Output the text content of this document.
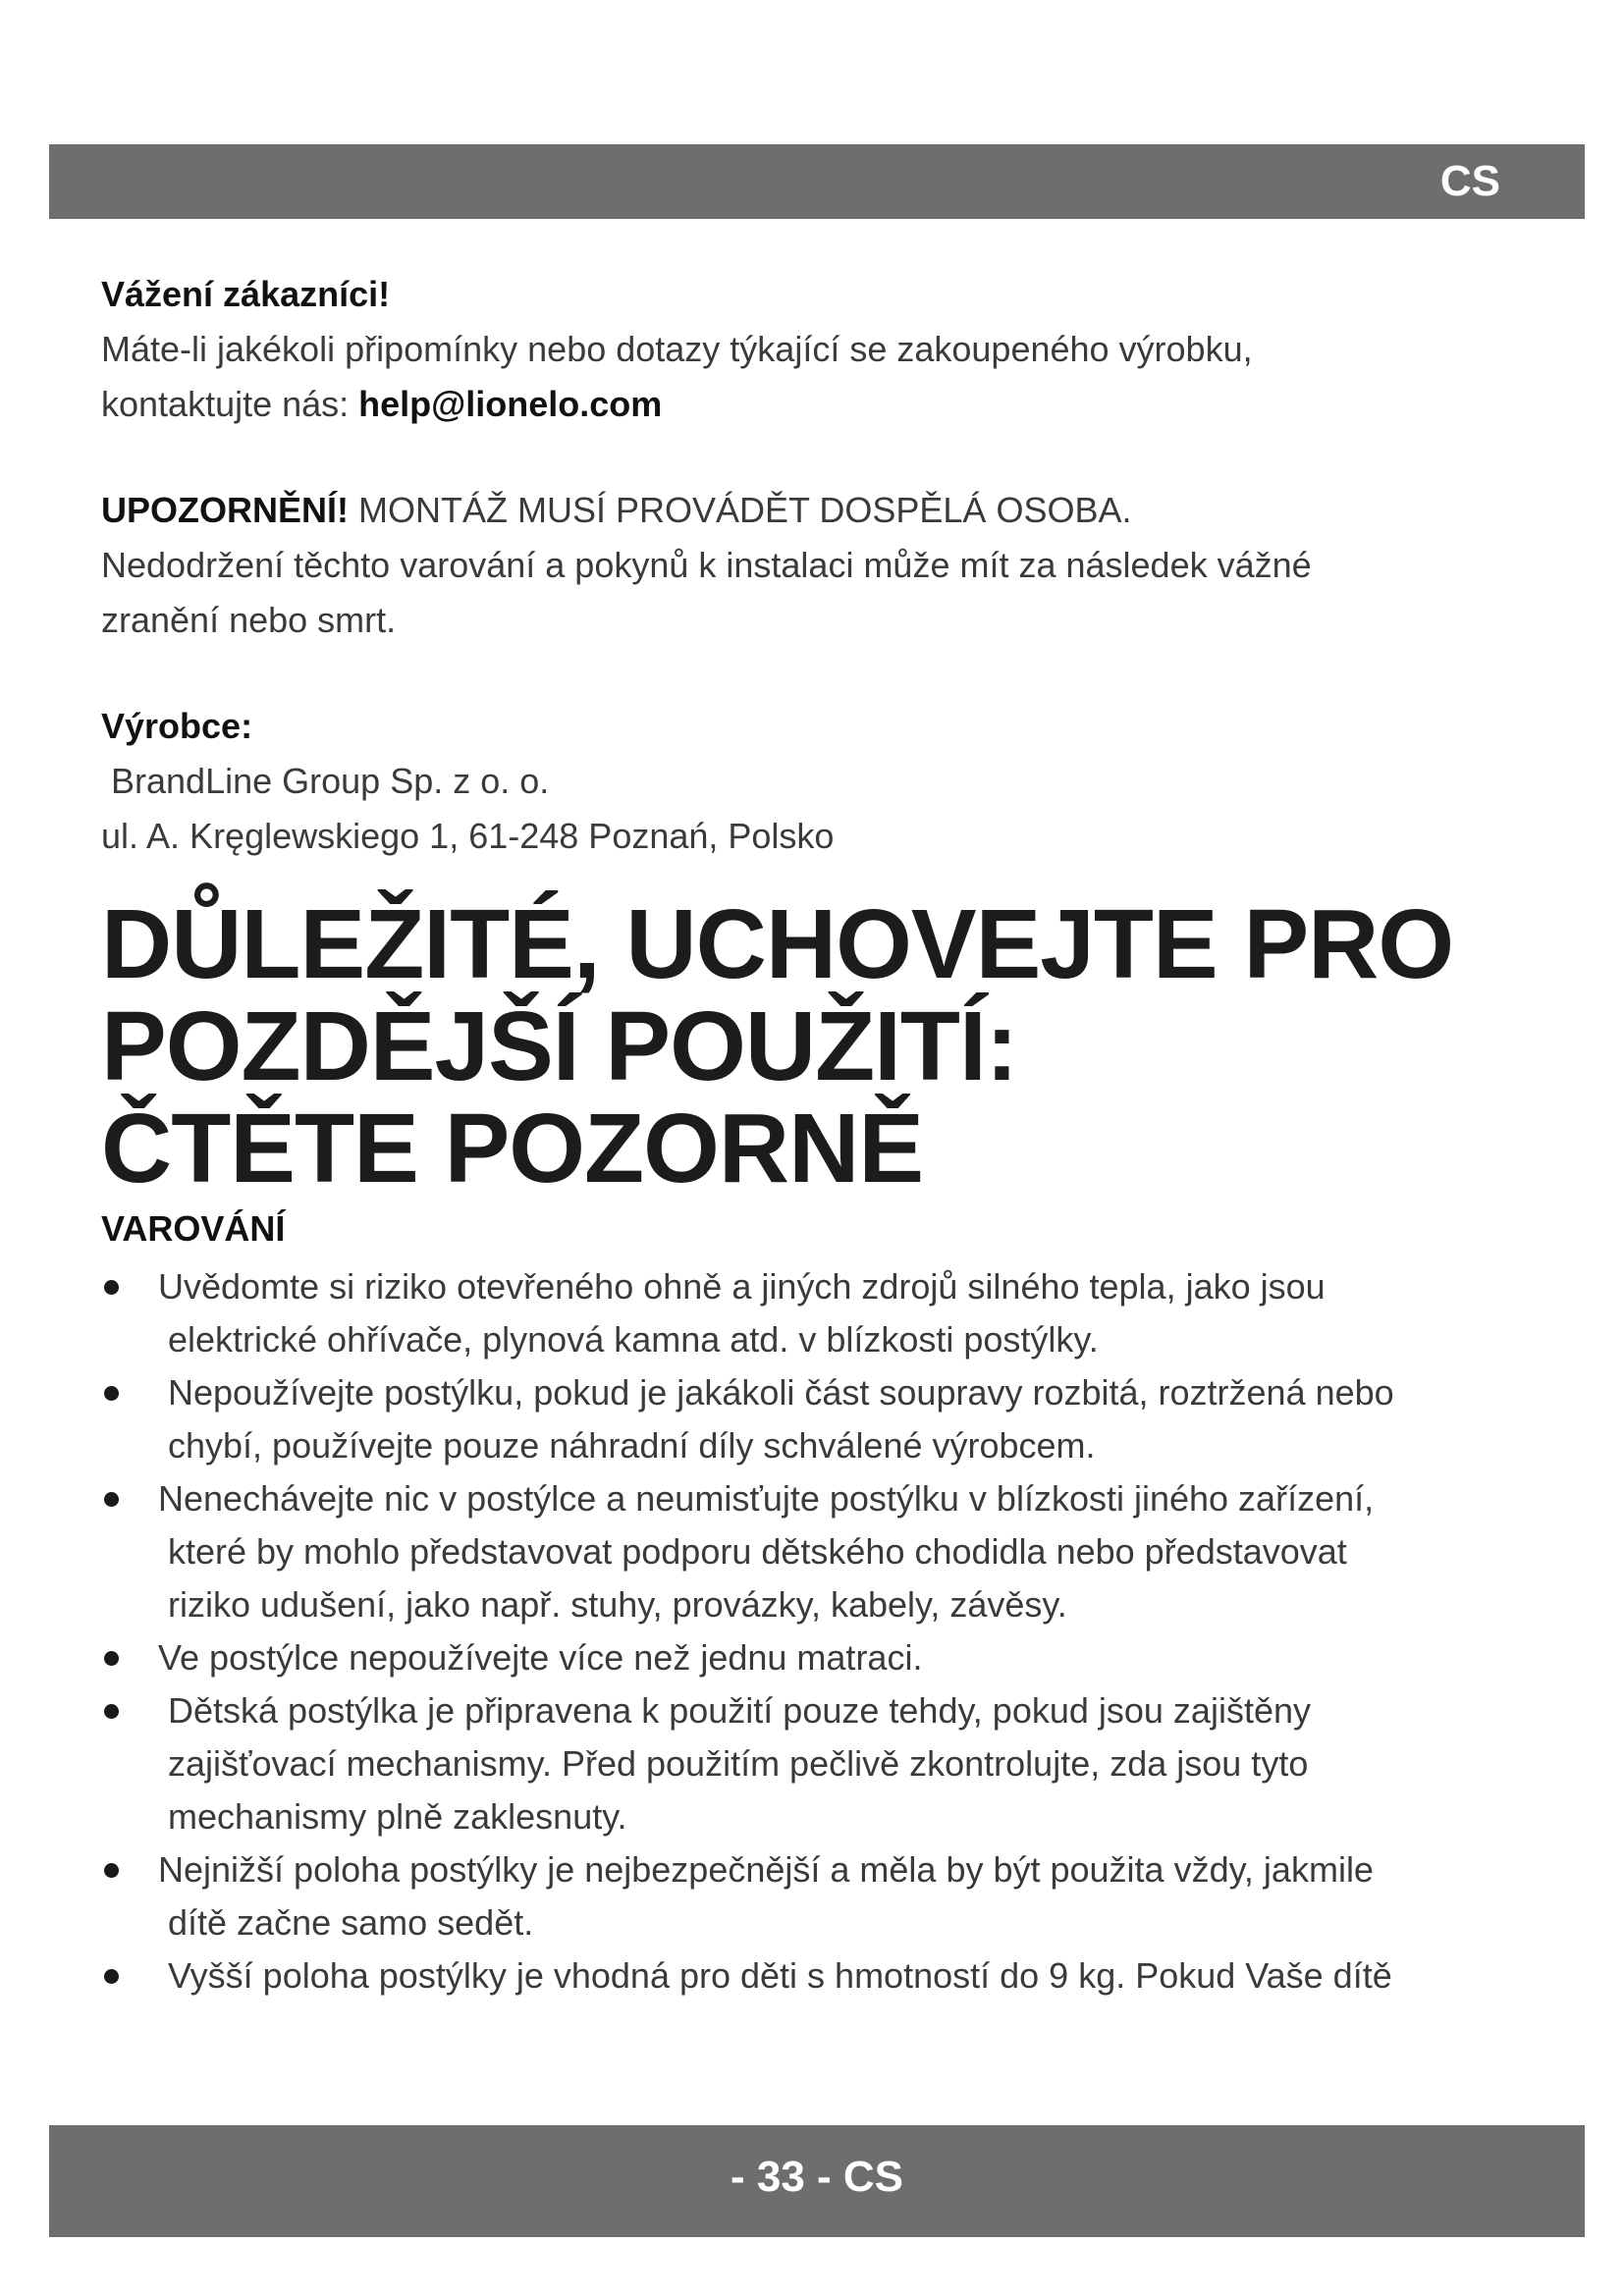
CS
Vážení zákazníci!
Máte-li jakékoli připomínky nebo dotazy týkající se zakoupeného výrobku,
kontaktujte nás: help@lionelo.com
UPOZORNĚNÍ! MONTÁŽ MUSÍ PROVÁDĚT DOSPĚLÁ OSOBA.
Nedodržení těchto varování a pokynů k instalaci může mít za následek vážné
zranění nebo smrt.
Výrobce:
BrandLine Group Sp. z o. o.
ul. A. Kręglewskiego 1, 61-248 Poznań, Polsko
DŮLEŽITÉ, UCHOVEJTE PRO
POZDĚJŠÍ POUŽITÍ:
ČTĚTE POZORNĚ
VAROVÁNÍ
Uvědomte si riziko otevřeného ohně a jiných zdrojů silného tepla, jako jsou
elektrické ohřívače, plynová kamna atd. v blízkosti postýlky.
Nepoužívejte postýlku, pokud je jakákoli část soupravy rozbitá, roztržená nebo
chybí, používejte pouze náhradní díly schválené výrobcem.
Nenechávejte nic v postýlce a neumisťujte postýlku v blízkosti jiného zařízení,
které by mohlo představovat podporu dětského chodidla nebo představovat
riziko udušení, jako např. stuhy, provázky, kabely, závěsy.
Ve postýlce nepoužívejte více než jednu matraci.
Dětská postýlka je připravena k použití pouze tehdy, pokud jsou zajištěny
zajišťovací mechanismy. Před použitím pečlivě zkontrolujte, zda jsou tyto
mechanismy plně zaklesnuty.
Nejnižší poloha postýlky je nejbezpečnější a měla by být použita vždy, jakmile
dítě začne samo sedět.
Vyšší poloha postýlky je vhodná pro děti s hmotností do 9 kg. Pokud Vaše dítě
- 33 - CS
